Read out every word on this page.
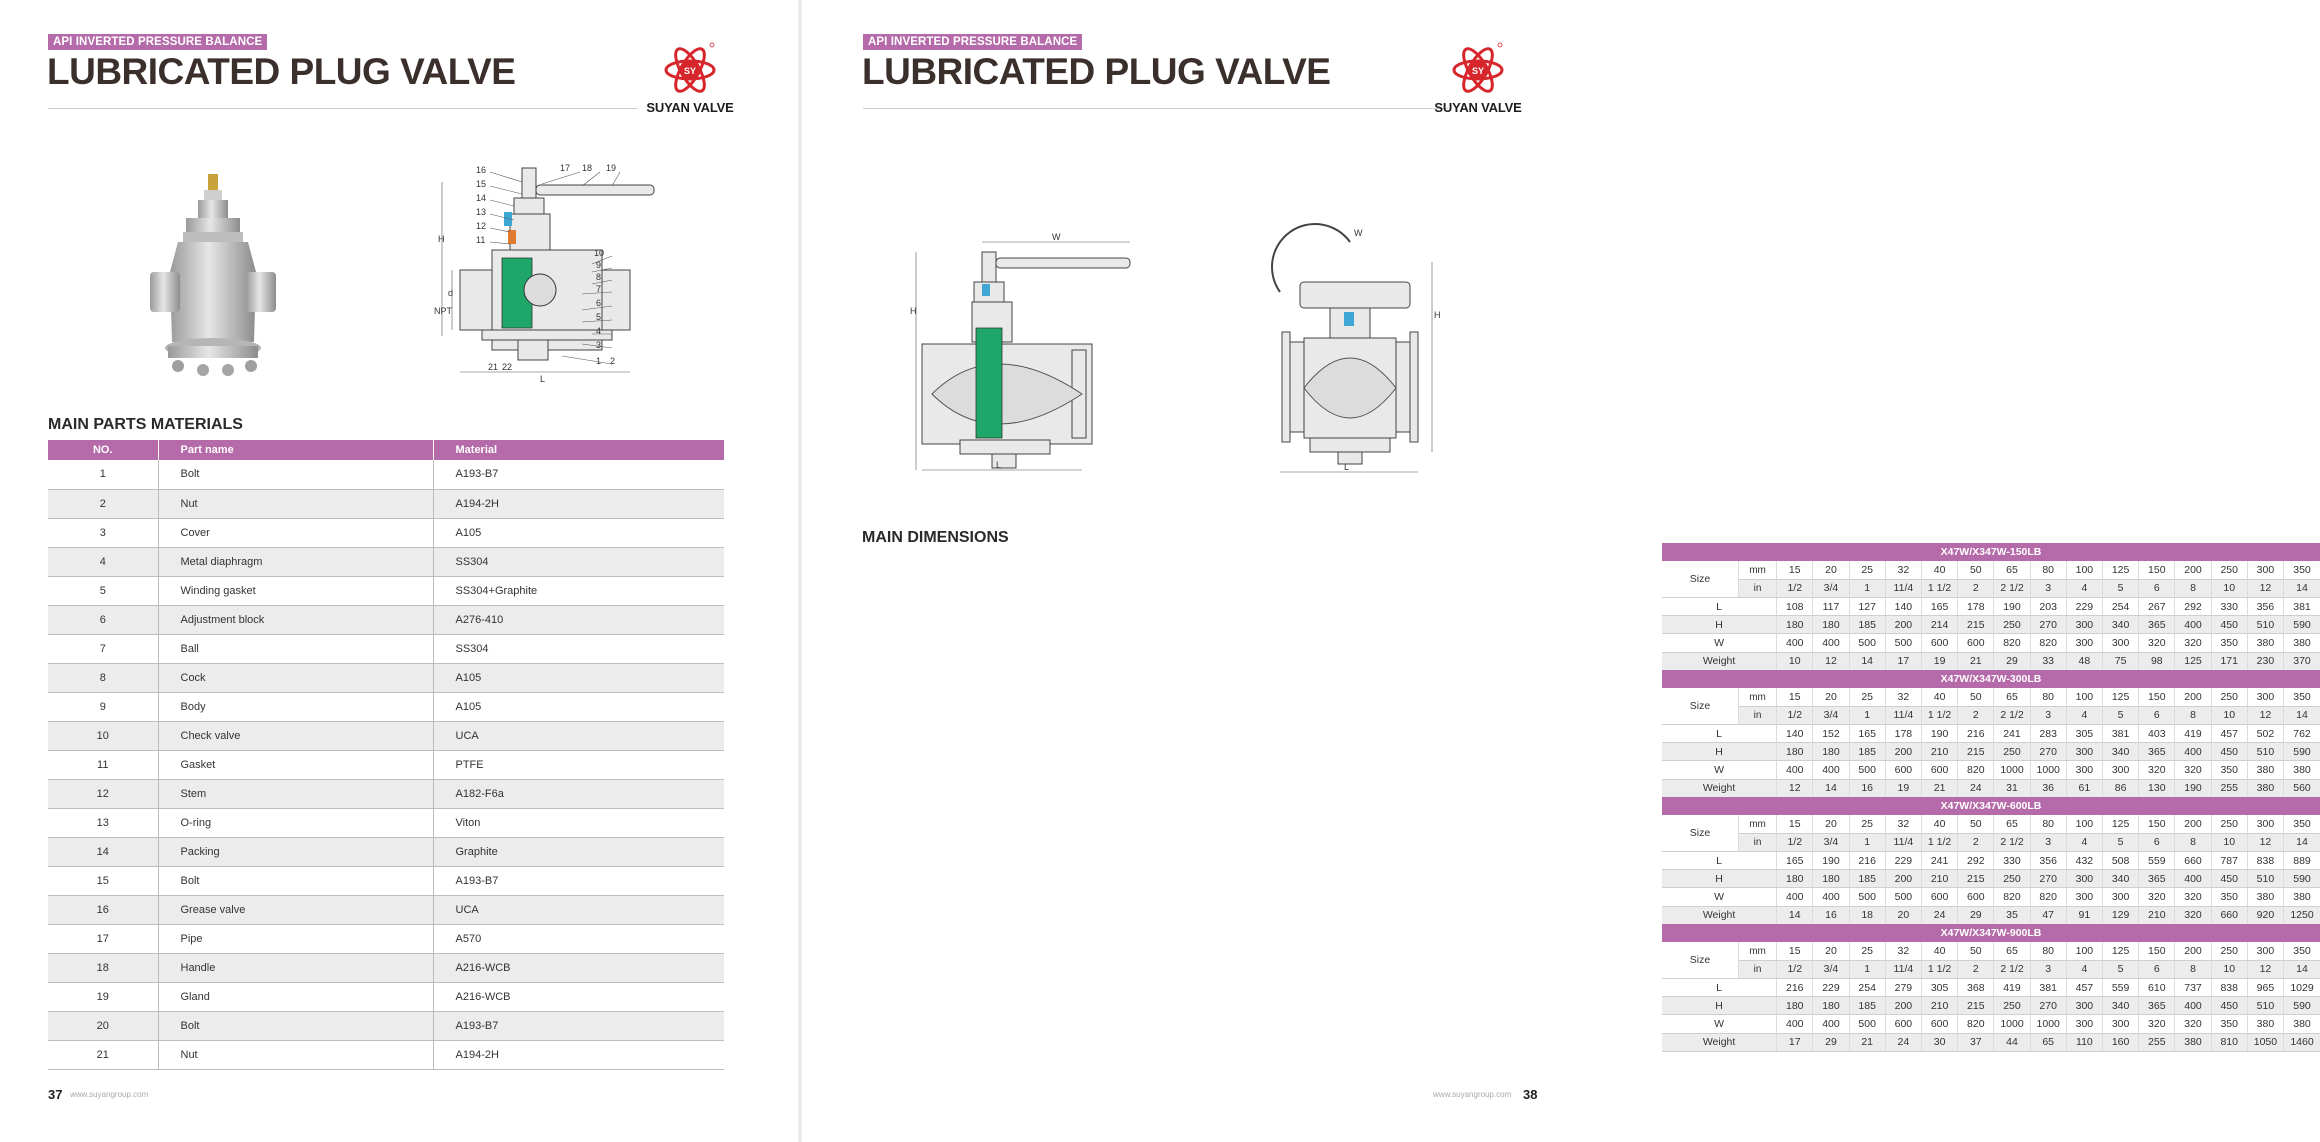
API INVERTED PRESSURE BALANCE
LUBRICATED PLUG VALVE	SY
SUYAN VALVE
16
15
14
13
12
11
17 18 19
10
9
8
7
6
5
4
3
1 2
21 22
H
d
NPT
L
MAIN PARTS MATERIALS
NO.	Part name	Material
1	Bolt	A193-B7
2	Nut	A194-2H
3	Cover	A105
4	Metal diaphragm	SS304
5	Winding gasket	SS304+Graphite
6	Adjustment block	A276-410
7	Ball	SS304
8	Cock	A105
9	Body	A105
10	Check valve	UCA
11	Gasket	PTFE
12	Stem	A182-F6a
13	O-ring	Viton
14	Packing	Graphite
15	Bolt	A193-B7
16	Grease valve	UCA
17	Pipe	A570
18	Handle	A216-WCB
19	Gland	A216-WCB
20	Bolt	A193-B7
21	Nut	A194-2H
37 www.suyangroup.com
API INVERTED PRESSURE BALANCE
LUBRICATED PLUG VALVE	SY
SUYAN VALVE
W
H
L
W
H
L
MAIN DIMENSIONS
X47W/X347W-150LB																
Size	mm	15	20	25	32	40	50	65	80	100	125	150	200	250	300	350
	in	1/2	3/4	1	11/4	1 1/2	2	2 1/2	3	4	5	6	8	10	12	14
L		108	117	127	140	165	178	190	203	229	254	267	292	330	356	381
H		180	180	185	200	214	215	250	270	300	340	365	400	450	510	590
W		400	400	500	500	600	600	820	820	300	300	320	320	350	380	380
Weight		10	12	14	17	19	21	29	33	48	75	98	125	171	230	370
X47W/X347W-300LB																
Size	mm	15	20	25	32	40	50	65	80	100	125	150	200	250	300	350
	in	1/2	3/4	1	11/4	1 1/2	2	2 1/2	3	4	5	6	8	10	12	14
L		140	152	165	178	190	216	241	283	305	381	403	419	457	502	762
H		180	180	185	200	210	215	250	270	300	340	365	400	450	510	590
W		400	400	500	600	600	820	1000	1000	300	300	320	320	350	380	380
Weight		12	14	16	19	21	24	31	36	61	86	130	190	255	380	560
X47W/X347W-600LB																
Size	mm	15	20	25	32	40	50	65	80	100	125	150	200	250	300	350
	in	1/2	3/4	1	11/4	1 1/2	2	2 1/2	3	4	5	6	8	10	12	14
L		165	190	216	229	241	292	330	356	432	508	559	660	787	838	889
H		180	180	185	200	210	215	250	270	300	340	365	400	450	510	590
W		400	400	500	500	600	600	820	820	300	300	320	320	350	380	380
Weight		14	16	18	20	24	29	35	47	91	129	210	320	660	920	1250
X47W/X347W-900LB																
Size	mm	15	20	25	32	40	50	65	80	100	125	150	200	250	300	350
	in	1/2	3/4	1	11/4	1 1/2	2	2 1/2	3	4	5	6	8	10	12	14
L		216	229	254	279	305	368	419	381	457	559	610	737	838	965	1029
H		180	180	185	200	210	215	250	270	300	340	365	400	450	510	590
W		400	400	500	600	600	820	1000	1000	300	300	320	320	350	380	380
Weight		17	29	21	24	30	37	44	65	110	160	255	380	810	1050	1460
www.suyangroup.com 38
